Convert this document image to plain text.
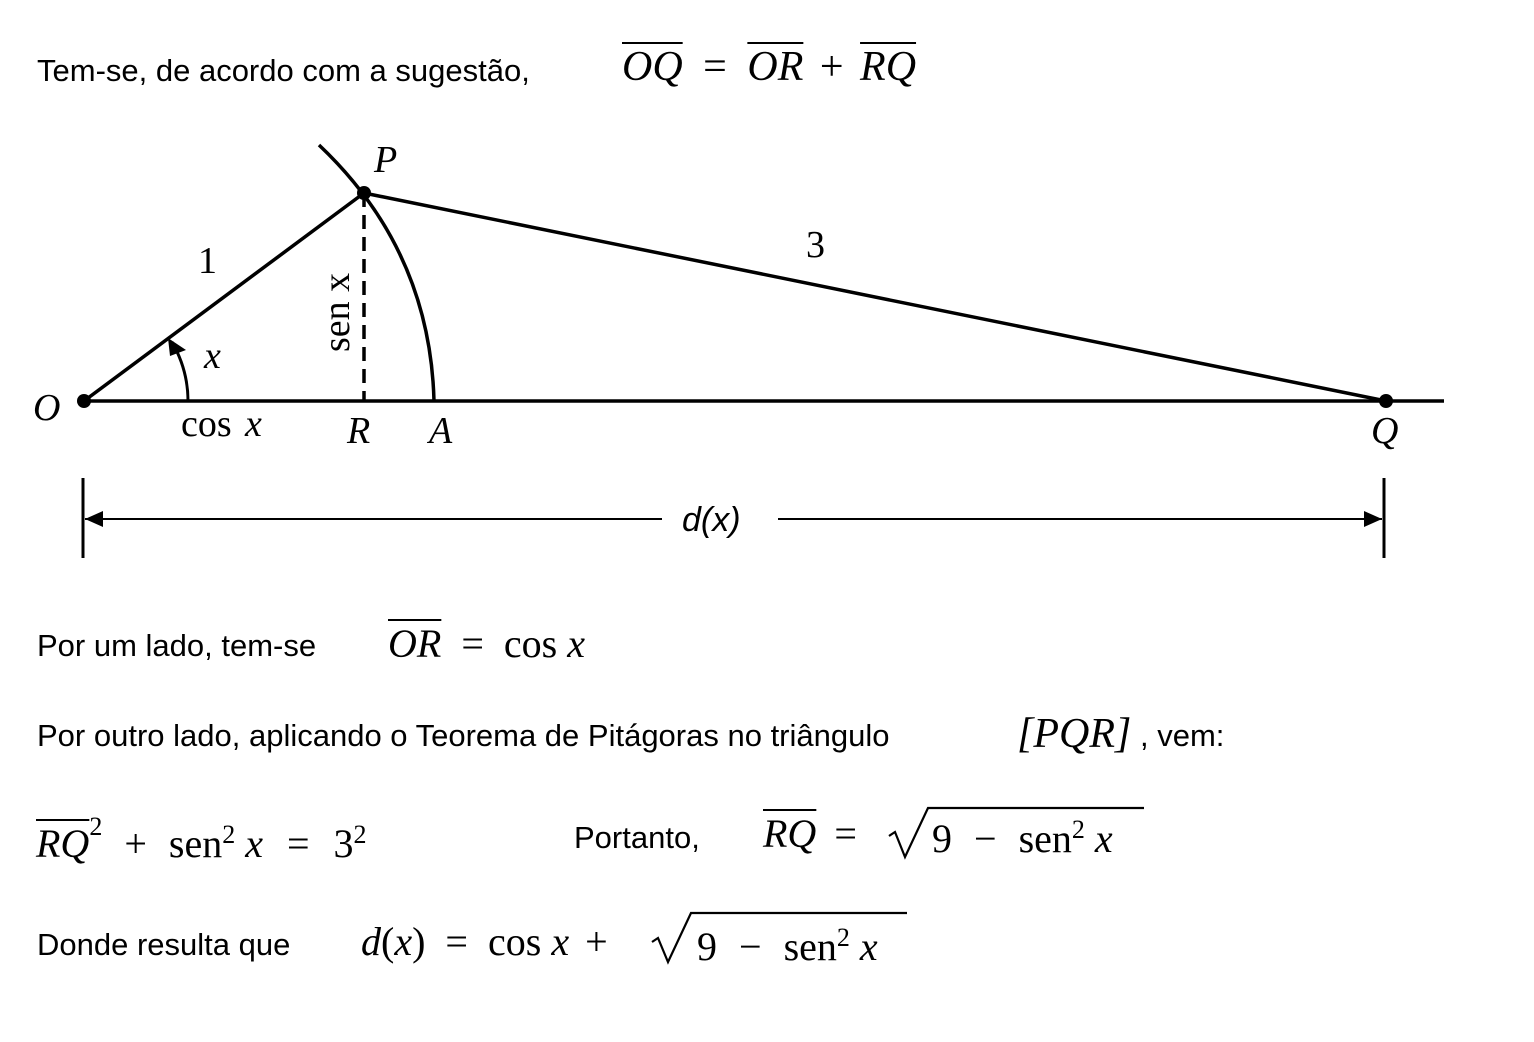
Tem-se, de acordo com a sugestão, $\overline{OQ} = \overline{OR} + \overline{RQ}$
O
P
R A	Q
1	3
x
cos x
sen x
d(x)
Por um lado, tem-se $\overline{OR} = \cos x$
Por outro lado, aplicando o Teorema de Pitágoras no triângulo	[PQR] , vem:
$\overline{RQ}^2 + sen^2$ $x = 3^2$	Portanto, $\overline{RQ} = 9 - sen^2$ x
Donde resulta que d(x) = cos x + 9 − sen$^2$ x
